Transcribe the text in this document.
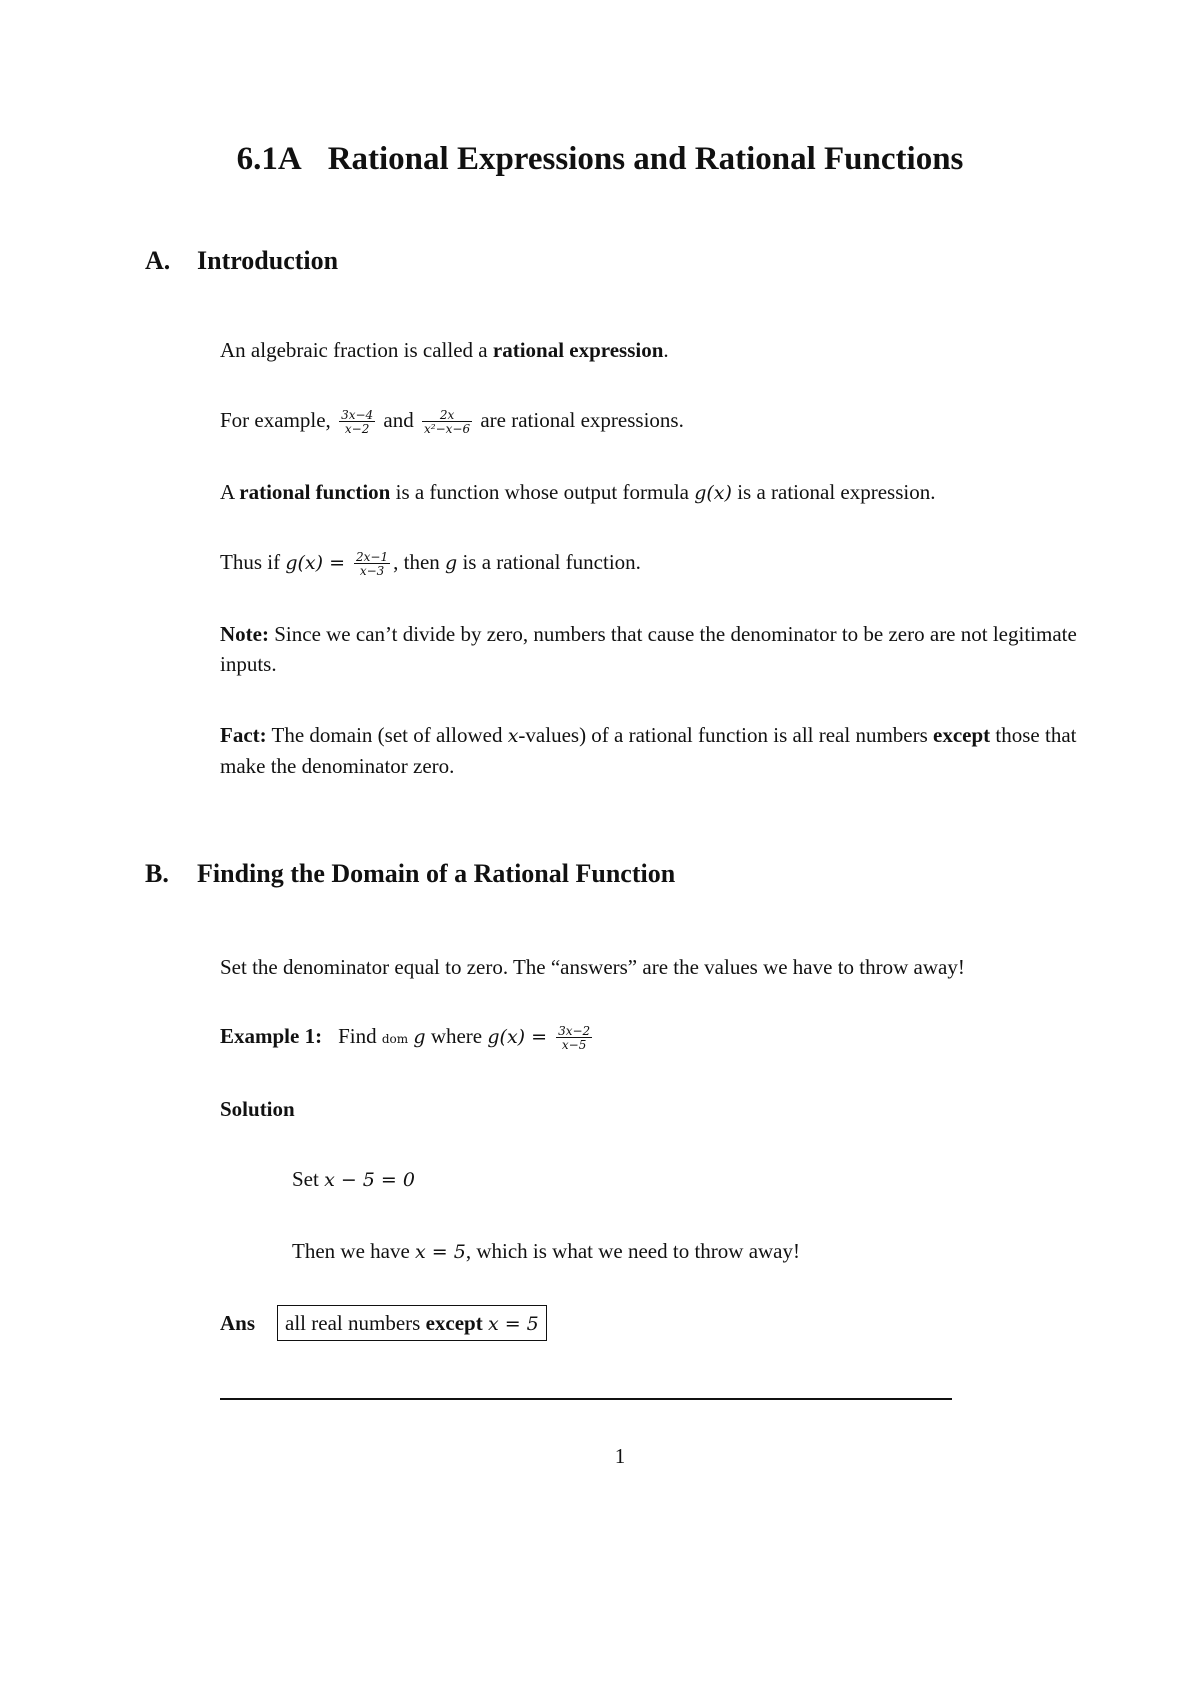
6.1A Rational Expressions and Rational Functions
A. Introduction
An algebraic fraction is called a rational expression.
For example, $\frac{3x-4}{x-2}$ and $\frac{2x}{\text{x²−x−6}}$ are rational expressions.
A rational function is a function whose output formula g(x) is a rational expression.
Thus if $g(x) = \frac{2x-1}{x-3}$ , then g is a rational function.
Note: Since we can’t divide by zero, numbers that cause the denominator to be zero are not legitimate inputs.
Fact: The domain (set of allowed x-values) of a rational function is all real numbers except those that make the denominator zero.
B. Finding the Domain of a Rational Function
Set the denominator equal to zero. The “answers” are the values we have to throw away!
Example 1: Find dom g where $g(x) = \frac{3x-2}{x-5}$
Solution
Set x − 5 = 0
Then we have x = 5, which is what we need to throw away!
Ans all real numbers except x = 5
1
